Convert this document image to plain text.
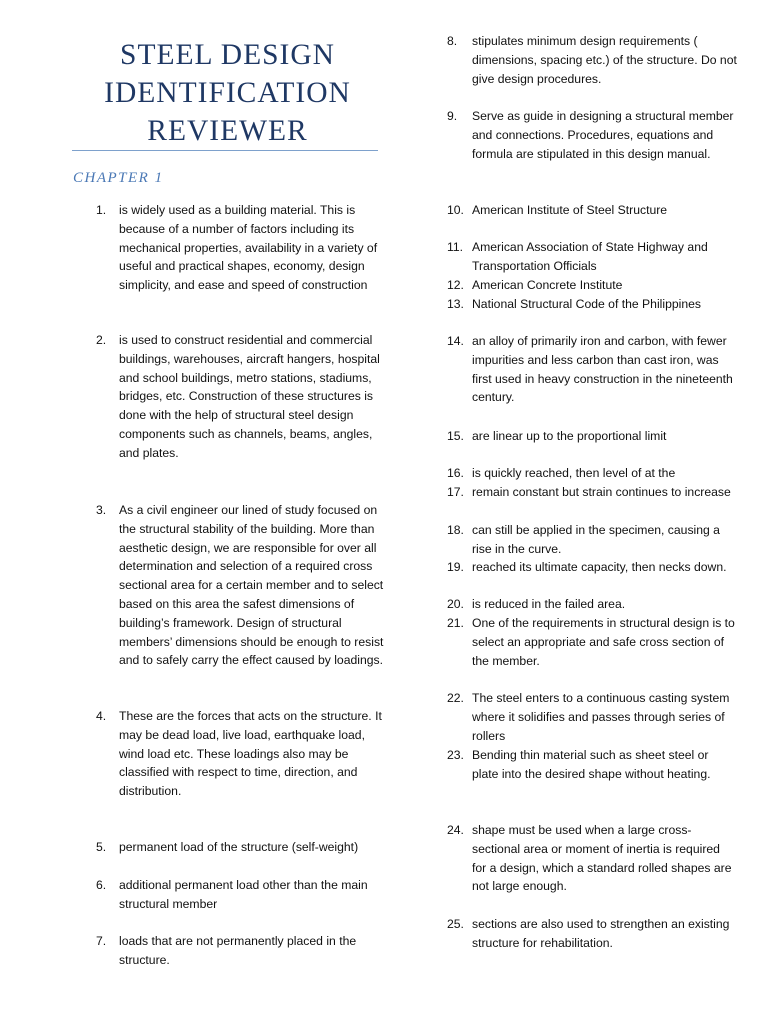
STEEL DESIGN
IDENTIFICATION
REVIEWER
CHAPTER 1
1. is widely used as a building material. This is because of a number of factors including its mechanical properties, availability in a variety of useful and practical shapes, economy, design simplicity, and ease and speed of construction
2. is used to construct residential and commercial buildings, warehouses, aircraft hangers, hospital and school buildings, metro stations, stadiums, bridges, etc. Construction of these structures is done with the help of structural steel design components such as channels, beams, angles, and plates.
3. As a civil engineer our lined of study focused on the structural stability of the building. More than aesthetic design, we are responsible for over all determination and selection of a required cross sectional area for a certain member and to select based on this area the safest dimensions of building’s framework. Design of structural members’ dimensions should be enough to resist and to safely carry the effect caused by loadings.
4. These are the forces that acts on the structure. It may be dead load, live load, earthquake load, wind load etc. These loadings also may be classified with respect to time, direction, and distribution.
5. permanent load of the structure (self-weight)
6. additional permanent load other than the main structural member
7. loads that are not permanently placed in the structure.
8. stipulates minimum design requirements ( dimensions, spacing etc.) of the structure. Do not give design procedures.
9. Serve as guide in designing a structural member and connections. Procedures, equations and formula are stipulated in this design manual.
10. American Institute of Steel Structure
11. American Association of State Highway and Transportation Officials
12. American Concrete Institute
13. National Structural Code of the Philippines
14. an alloy of primarily iron and carbon, with fewer impurities and less carbon than cast iron, was first used in heavy construction in the nineteenth century.
15. are linear up to the proportional limit
16. is quickly reached, then level of at the
17. remain constant but strain continues to increase
18. can still be applied in the specimen, causing a rise in the curve.
19. reached its ultimate capacity, then necks down.
20. is reduced in the failed area.
21. One of the requirements in structural design is to select an appropriate and safe cross section of the member.
22. The steel enters to a continuous casting system where it solidifies and passes through series of rollers
23. Bending thin material such as sheet steel or plate into the desired shape without heating.
24. shape must be used when a large cross-sectional area or moment of inertia is required for a design, which a standard rolled shapes are not large enough.
25. sections are also used to strengthen an existing structure for rehabilitation.
